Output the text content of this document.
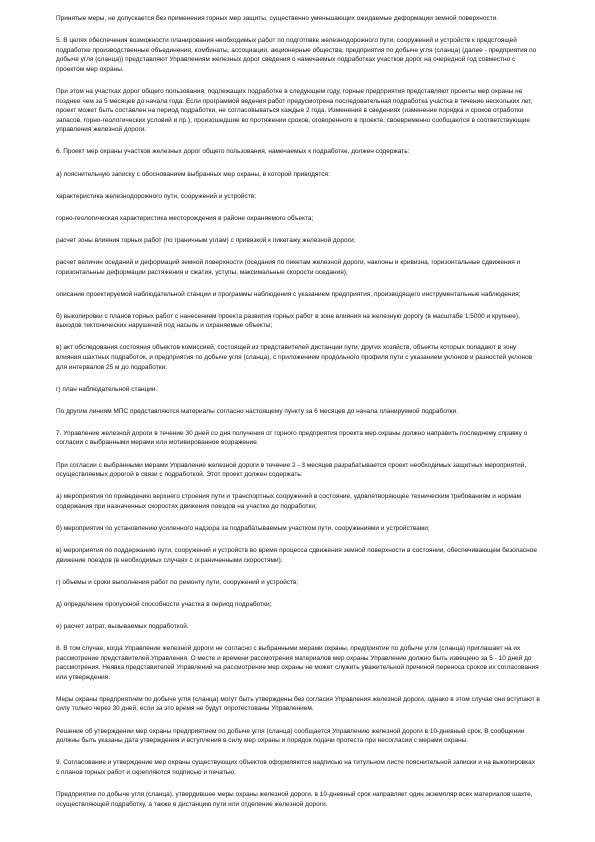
Принятые меры, не допускается без применения горных мер защиты, существенно уменьшающих ожидаемые деформации земной поверхности.

5. В целях обеспечения возможности планирования необходимых работ по подготовке железнодорожного пути, сооружений и устройств к предстоящей подработке производственные объединения, комбинаты, ассоциации, акционерные общества, предприятия по добыче угля (сланца) (далее - предприятия по добыче угля (сланца)) представляют Управлениям железных дорог сведения о намечаемых подработках участков дорог на очередной год совместно с проектом мер охраны.

При этом на участках дорог общего пользования, подлежащих подработке в следующем году, горные предприятия представляют проекты мер охраны не позднее чем за 5 месяцев до начала года. Если программой ведения работ предусмотрена последовательная подработка участка в течение нескольких лет, проект может быть составлен на период подработки, не согласовываться каждые 2 года. Изменения в сведениях (изменение порядка и сроков отработки запасов, горно-геологических условий и пр.), произошедшие во протяжении сроков, оговоренного в проекте, своевременно сообщаются в соответствующие управления железной дороги.

6. Проект мер охраны участков железных дорог общего пользования, намечаемых к подработке, должен содержать:

а) пояснительную записку с обоснованием выбранных мер охраны, в которой приводятся:

характеристика железнодорожного пути, сооружений и устройств;

горно-геологическая характеристика месторождения в районе охраняемого объекта;

расчет зоны влияния горных работ (по граничным углам) с привязкой к пикетажу железной дороги;

расчет величин оседаний и деформаций земной поверхности (оседания по пикетам железной дороги, наклоны и кривизна, горизонтальные сдвижения и горизонтальные деформации растяжения и сжатия, уступы, максимальные скорости оседания);

описание проектируемой наблюдательной станции и программы наблюдения с указанием предприятия, производящего инструментальные наблюдения;

б) выкопировки с планов горных работ с нанесением проекта развития горных работ в зоне влияния на железную дорогу (в масштабе 1:5000 и крупнее), выходов тектонических нарушений под насыпь и охраняемые объекты;

в) акт обследования состояния объектов комиссией, состоящей из представителей дистанции пути, других хозяйств, объекты которых попадают в зону влияния шахтных подработок, и предприятия по добыче угля (сланца), с приложением продольного профиля пути с указанием уклонов и разностей уклонов для интервалов 25 м до подработки;

г) план наблюдательной станции.

По другим линиям МПС представляются материалы согласно настоящему пункту за 6 месяцев до начала планируемой подработки.

7. Управление железной дороги в течение 30 дней со дня получения от горного предприятия проекта мер охраны должно направить последнему справку о согласии с выбранными мерами или мотивированное возражение.

При согласии с выбранными мерами Управление железной дороги в течение 2 - 3 месяцев разрабатывается проект необходимых защитных мероприятий, осуществляемых дорогой в связи с подработкой. Этот проект должен содержать:

а) мероприятия по приведению верхнего строения пути и транспортных сооружений в состояние, удовлетворяющее техническим требованиям и нормам содержания при назначенных скоростях движения поездов на участке до подработки;

б) мероприятия по установлению усиленного надзора за подрабатываемым участком пути, сооружениями и устройствами;

в) мероприятия по поддержанию пути, сооружений и устройств во время процесса сдвижения земной поверхности в состоянии, обеспечивающем безопасное движение поездов (в необходимых случаях с ограниченными скоростями);

г) объемы и сроки выполнения работ по ремонту пути, сооружений и устройств;

д) определение пропускной способности участка в период подработки;

е) расчет затрат, вызываемых подработкой.

8. В том случае, когда Управление железной дороги не согласно с выбранными мерами охраны, предприятие по добыче угля (сланца) приглашает на их рассмотрение представителей Управления. О месте и времени рассмотрения материалов мер охраны Управление должно быть извещено за 5 - 10 дней до рассмотрения. Неявка представителей Управлений на рассмотрение мер охраны не может служить уважительной причиной переноса сроков их согласования или утверждения.

Меры охраны предприятием по добыче угля (сланца) могут быть утверждены без согласия Управления железной дороги, однако в этом случае они вступают в силу только через 30 дней, если за это время не будут опротестованы Управлением.

Решение об утверждении мер охраны предприятием по добыче угля (сланца) сообщается Управлению железной дороги в 10-дневный срок. В сообщении должны быть указаны дата утверждения и вступления в силу мер охраны и порядок подачи протеста при несогласии с мерами охраны.

9. Согласование и утверждение мер охраны существующих объектов оформляются надписью на титульном листе пояснительной записки и на выкопировках с планов горных работ и скрепляются подписью и печатью.

Предприятие по добыче угля (сланца), утвердившее меры охраны железной дороги, в 10-дневный срок направляет один экземпляр всех материалов шахте, осуществляющей подработку, а также в дистанцию пути или отделение железной дороги.
